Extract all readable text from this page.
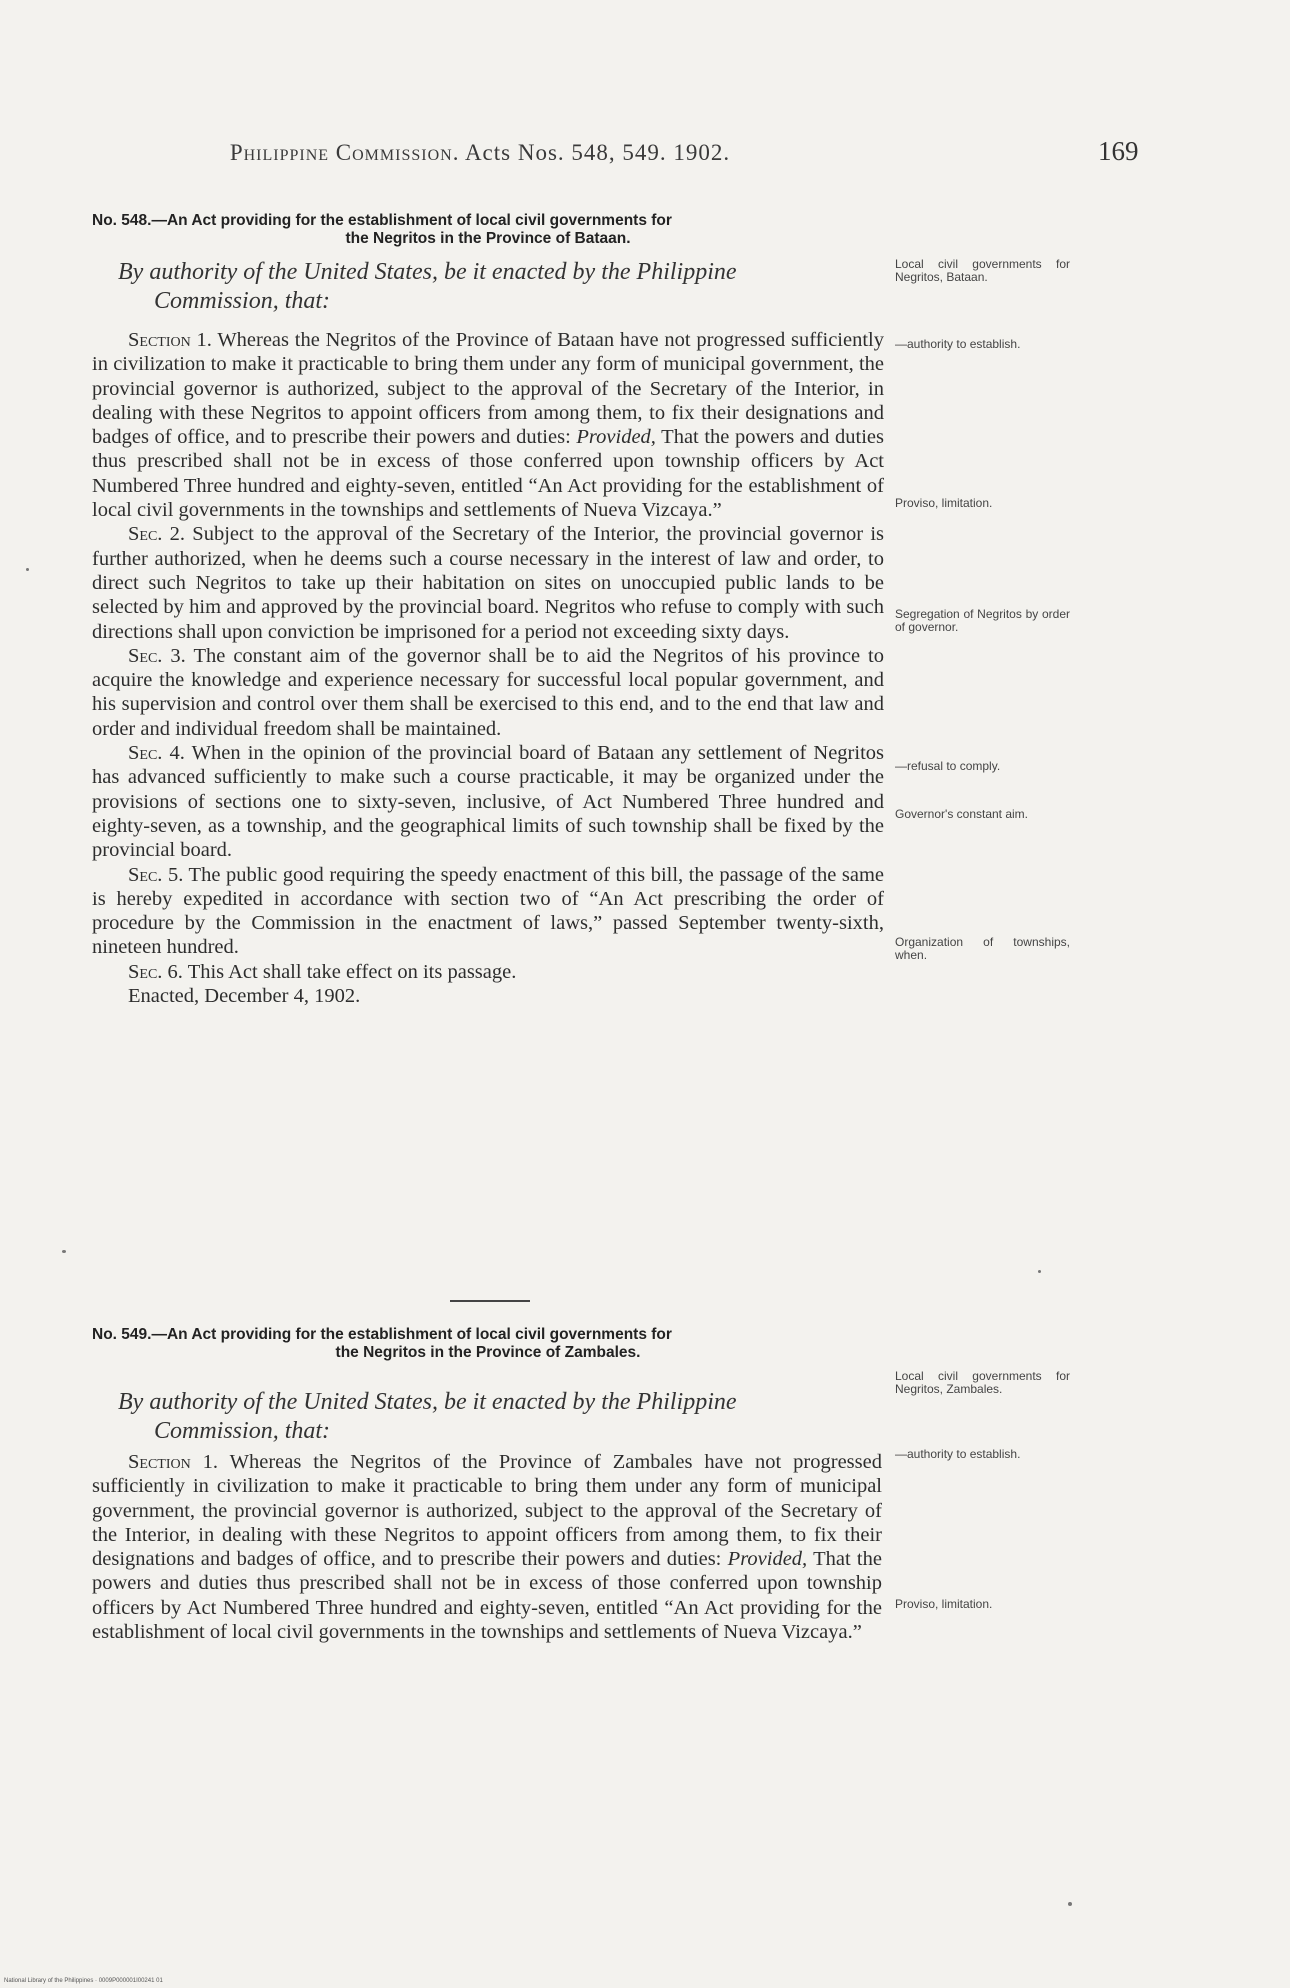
Philippine Commission. Acts Nos. 548, 549. 1902.	169
No. 548.—An Act providing for the establishment of local civil governments for
the Negritos in the Province of Bataan.
By authority of the United States, be it enacted by the Philippine
Commission, that:

Section 1. Whereas the Negritos of the Province of Bataan have not progressed sufficiently in civilization to make it practicable to bring them under any form of municipal government, the provincial governor is authorized, subject to the approval of the Secretary of the Interior, in dealing with these Negritos to appoint officers from among them, to fix their designations and badges of office, and to prescribe their powers and duties: Provided, That the powers and duties thus prescribed shall not be in excess of those conferred upon township officers by Act Numbered Three hundred and eighty-seven, entitled “An Act providing for the establishment of local civil governments in the townships and settlements of Nueva Vizcaya.”

Sec. 2. Subject to the approval of the Secretary of the Interior, the provincial governor is further authorized, when he deems such a course necessary in the interest of law and order, to direct such Negritos to take up their habitation on sites on unoccupied public lands to be selected by him and approved by the provincial board. Negritos who refuse to comply with such directions shall upon conviction be imprisoned for a period not exceeding sixty days.

Sec. 3. The constant aim of the governor shall be to aid the Negritos of his province to acquire the knowledge and experience necessary for successful local popular government, and his supervision and control over them shall be exercised to this end, and to the end that law and order and individual freedom shall be maintained.

Sec. 4. When in the opinion of the provincial board of Bataan any settlement of Negritos has advanced sufficiently to make such a course practicable, it may be organized under the provisions of sections one to sixty-seven, inclusive, of Act Numbered Three hundred and eighty-seven, as a township, and the geographical limits of such township shall be fixed by the provincial board.

Sec. 5. The public good requiring the speedy enactment of this bill, the passage of the same is hereby expedited in accordance with section two of “An Act prescribing the order of procedure by the Commission in the enactment of laws,” passed September twenty-sixth, nineteen hundred.

Sec. 6. This Act shall take effect on its passage.

Enacted, December 4, 1902.

Local civil governments for Negritos, Bataan.
—authority to establish.
Proviso, limitation.
Segregation of Negritos by order of governor.
—refusal to comply.
Governor's constant aim.
Organization of townships, when.
No. 549.—An Act providing for the establishment of local civil governments for
the Negritos in the Province of Zambales.
By authority of the United States, be it enacted by the Philippine
Commission, that:

Section 1. Whereas the Negritos of the Province of Zambales have not progressed sufficiently in civilization to make it practicable to bring them under any form of municipal government, the provincial governor is authorized, subject to the approval of the Secretary of the Interior, in dealing with these Negritos to appoint officers from among them, to fix their designations and badges of office, and to prescribe their powers and duties: Provided, That the powers and duties thus prescribed shall not be in excess of those conferred upon township officers by Act Numbered Three hundred and eighty-seven, entitled “An Act providing for the establishment of local civil governments in the townships and settlements of Nueva Vizcaya.”

Local civil governments for Negritos, Zambales.
—authority to establish.
Proviso, limitation.
National Library of the Philippines · 0009P000001I00241 01
